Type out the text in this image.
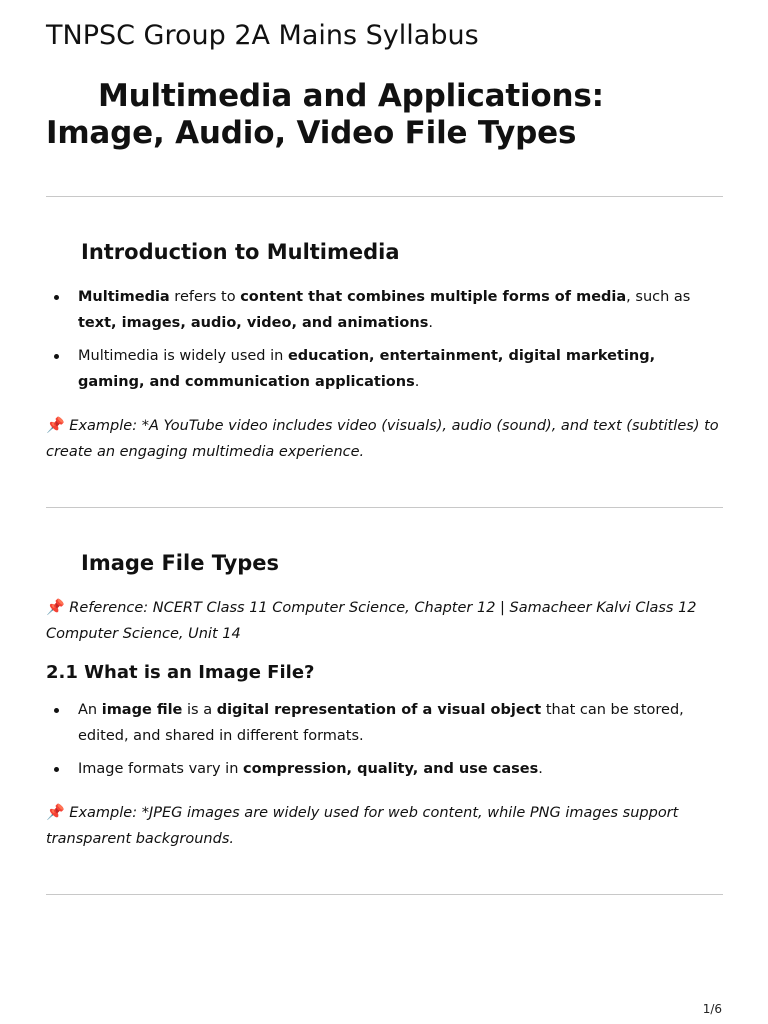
TNPSC Group 2A Mains Syllabus
Multimedia and Applications:
Image, Audio, Video File Types
Introduction to Multimedia
Multimedia refers to content that combines multiple forms of media, such as text, images, audio, video, and animations.
Multimedia is widely used in education, entertainment, digital marketing, gaming, and communication applications.

📌 Example: *A YouTube video includes video (visuals), audio (sound), and text (subtitles) to create an engaging multimedia experience.

Image File Types

📌 Reference: NCERT Class 11 Computer Science, Chapter 12 | Samacheer Kalvi Class 12 Computer Science, Unit 14

2.1 What is an Image File?
An image file is a digital representation of a visual object that can be stored, edited, and shared in different formats.
Image formats vary in compression, quality, and use cases.

📌 Example: *JPEG images are widely used for web content, while PNG images support transparent backgrounds.

1/6
